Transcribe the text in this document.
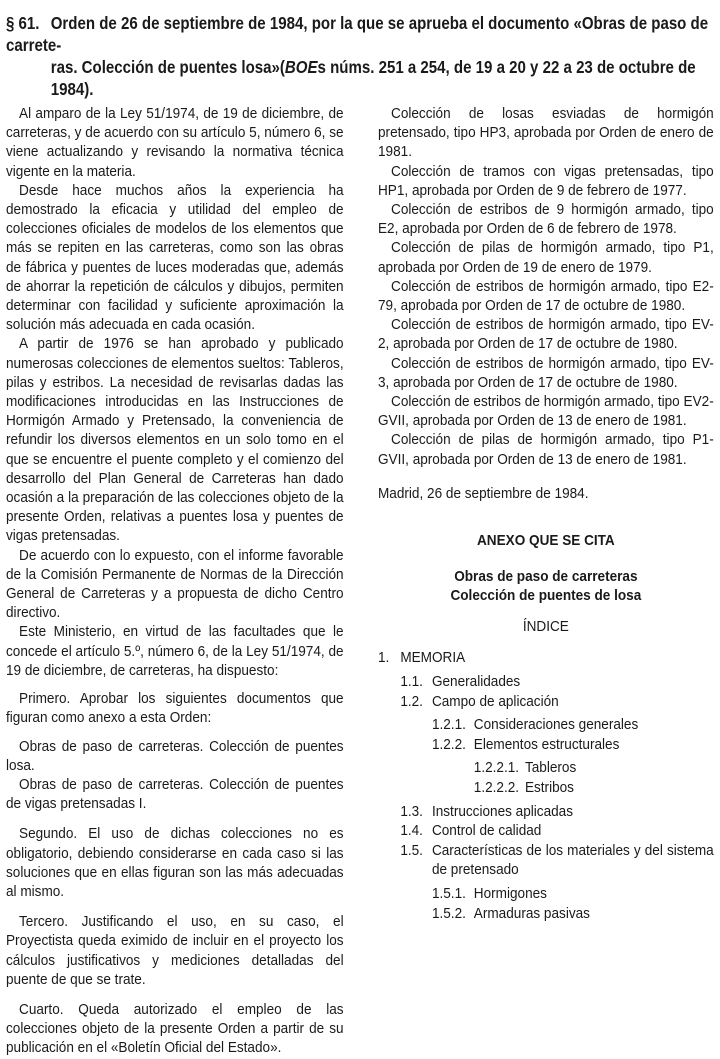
§ 61. Orden de 26 de septiembre de 1984, por la que se aprueba el documento «Obras de paso de carrete-
ras. Colección de puentes losa»(BOEs núms. 251 a 254, de 19 a 20 y 22 a 23 de octubre de 1984).

Al amparo de la Ley 51/1974, de 19 de diciembre, de carreteras, y de acuerdo con su artículo 5, número 6, se viene actualizando y revisando la normativa técnica vigente en la materia.

Desde hace muchos años la experiencia ha demostrado la eficacia y utilidad del empleo de colecciones oficiales de modelos de los elementos que más se repiten en las carreteras, como son las obras de fábrica y puentes de luces moderadas que, además de ahorrar la repetición de cálculos y dibujos, permiten determinar con facilidad y suficiente aproximación la solución más adecuada en cada ocasión.

A partir de 1976 se han aprobado y publicado numerosas colecciones de elementos sueltos: Tableros, pilas y estribos. La necesidad de revisarlas dadas las modificaciones introducidas en las Instrucciones de Hormigón Armado y Pretensado, la conveniencia de refundir los diversos elementos en un solo tomo en el que se encuentre el puente completo y el comienzo del desarrollo del Plan General de Carreteras han dado ocasión a la preparación de las colecciones objeto de la presente Orden, relativas a puentes losa y puentes de vigas pretensadas.

De acuerdo con lo expuesto, con el informe favorable de la Comisión Permanente de Normas de la Dirección General de Carreteras y a propuesta de dicho Centro directivo.

Este Ministerio, en virtud de las facultades que le concede el artículo 5.º, número 6, de la Ley 51/1974, de 19 de diciembre, de carreteras, ha dispuesto:

Primero. Aprobar los siguientes documentos que figuran como anexo a esta Orden:

Obras de paso de carreteras. Colección de puentes losa.

Obras de paso de carreteras. Colección de puentes de vigas pretensadas I.

Segundo. El uso de dichas colecciones no es obligatorio, debiendo considerarse en cada caso si las soluciones que en ellas figuran son las más adecuadas al mismo.

Tercero. Justificando el uso, en su caso, el Proyectista queda eximido de incluir en el proyecto los cálculos justificativos y mediciones detalladas del puente de que se trate.

Cuarto. Queda autorizado el empleo de las colecciones objeto de la presente Orden a partir de su publicación en el «Boletín Oficial del Estado».

Colección de losas esviadas de hormigón pretensado, tipo HP3, aprobada por Orden de enero de 1981.

Colección de tramos con vigas pretensadas, tipo HP1, aprobada por Orden de 9 de febrero de 1977.

Colección de estribos de 9 hormigón armado, tipo E2, aprobada por Orden de 6 de febrero de 1978.

Colección de pilas de hormigón armado, tipo P1, aprobada por Orden de 19 de enero de 1979.

Colección de estribos de hormigón armado, tipo E2-79, aprobada por Orden de 17 de octubre de 1980.

Colección de estribos de hormigón armado, tipo EV-2, aprobada por Orden de 17 de octubre de 1980.

Colección de estribos de hormigón armado, tipo EV-3, aprobada por Orden de 17 de octubre de 1980.

Colección de estribos de hormigón armado, tipo EV2-GVII, aprobada por Orden de 13 de enero de 1981.

Colección de pilas de hormigón armado, tipo P1-GVII, aprobada por Orden de 13 de enero de 1981.

Madrid, 26 de septiembre de 1984.

ANEXO QUE SE CITA

Obras de paso de carreteras
Colección de puentes de losa

ÍNDICE

1. MEMORIA
1.1. Generalidades
1.2. Campo de aplicación
1.2.1. Consideraciones generales
1.2.2. Elementos estructurales
1.2.2.1. Tableros
1.2.2.2. Estribos
1.3. Instrucciones aplicadas
1.4. Control de calidad
1.5. Características de los materiales y del sistema de pretensado
1.5.1. Hormigones
1.5.2. Armaduras pasivas
